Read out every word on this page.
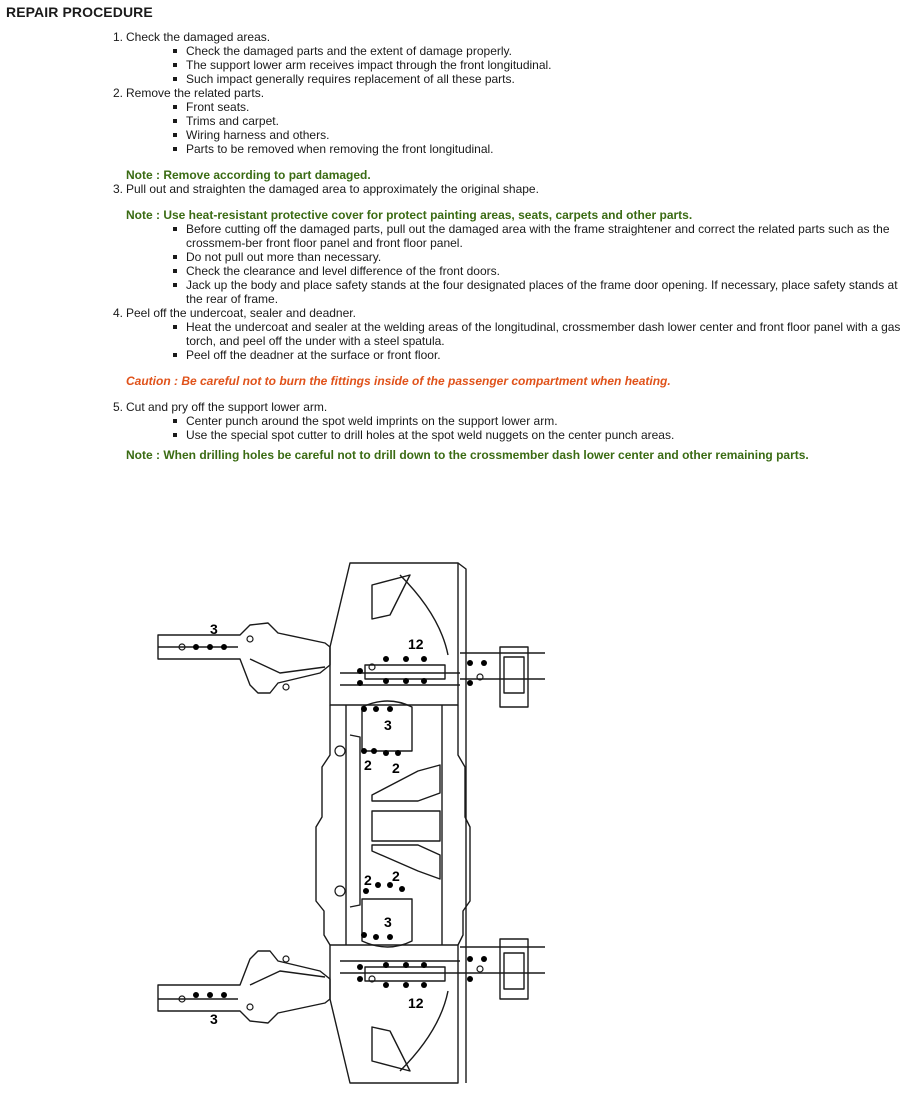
REPAIR PROCEDURE
1. Check the damaged areas.
Check the damaged parts and the extent of damage properly.
The support lower arm receives impact through the front longitudinal.
Such impact generally requires replacement of all these parts.
2. Remove the related parts.
Front seats.
Trims and carpet.
Wiring harness and others.
Parts to be removed when removing the front longitudinal.
Note : Remove according to part damaged.
3. Pull out and straighten the damaged area to approximately the original shape.
Note : Use heat-resistant protective cover for protect painting areas, seats, carpets and other parts.
Before cutting off the damaged parts, pull out the damaged area with the frame straightener and correct the related parts such as the crossmem-ber front floor panel and front floor panel.
Do not pull out more than necessary.
Check the clearance and level difference of the front doors.
Jack up the body and place safety stands at the four designated places of the frame door opening. If necessary, place safety stands at the rear of frame.
4. Peel off the undercoat, sealer and deadner.
Heat the undercoat and sealer at the welding areas of the longitudinal, crossmember dash lower center and front floor panel with a gas torch, and peel off the under with a steel spatula.
Peel off the deadner at the surface or front floor.
Caution : Be careful not to burn the fittings inside of the passenger compartment when heating.
5. Cut and pry off the support lower arm.
Center punch around the spot weld imprints on the support lower arm.
Use the special spot cutter to drill holes at the spot weld nuggets on the center punch areas.
Note : When drilling holes be careful not to drill down to the crossmember dash lower center and other remaining parts.
3
12
3
2 2
2 2
3
12
3
